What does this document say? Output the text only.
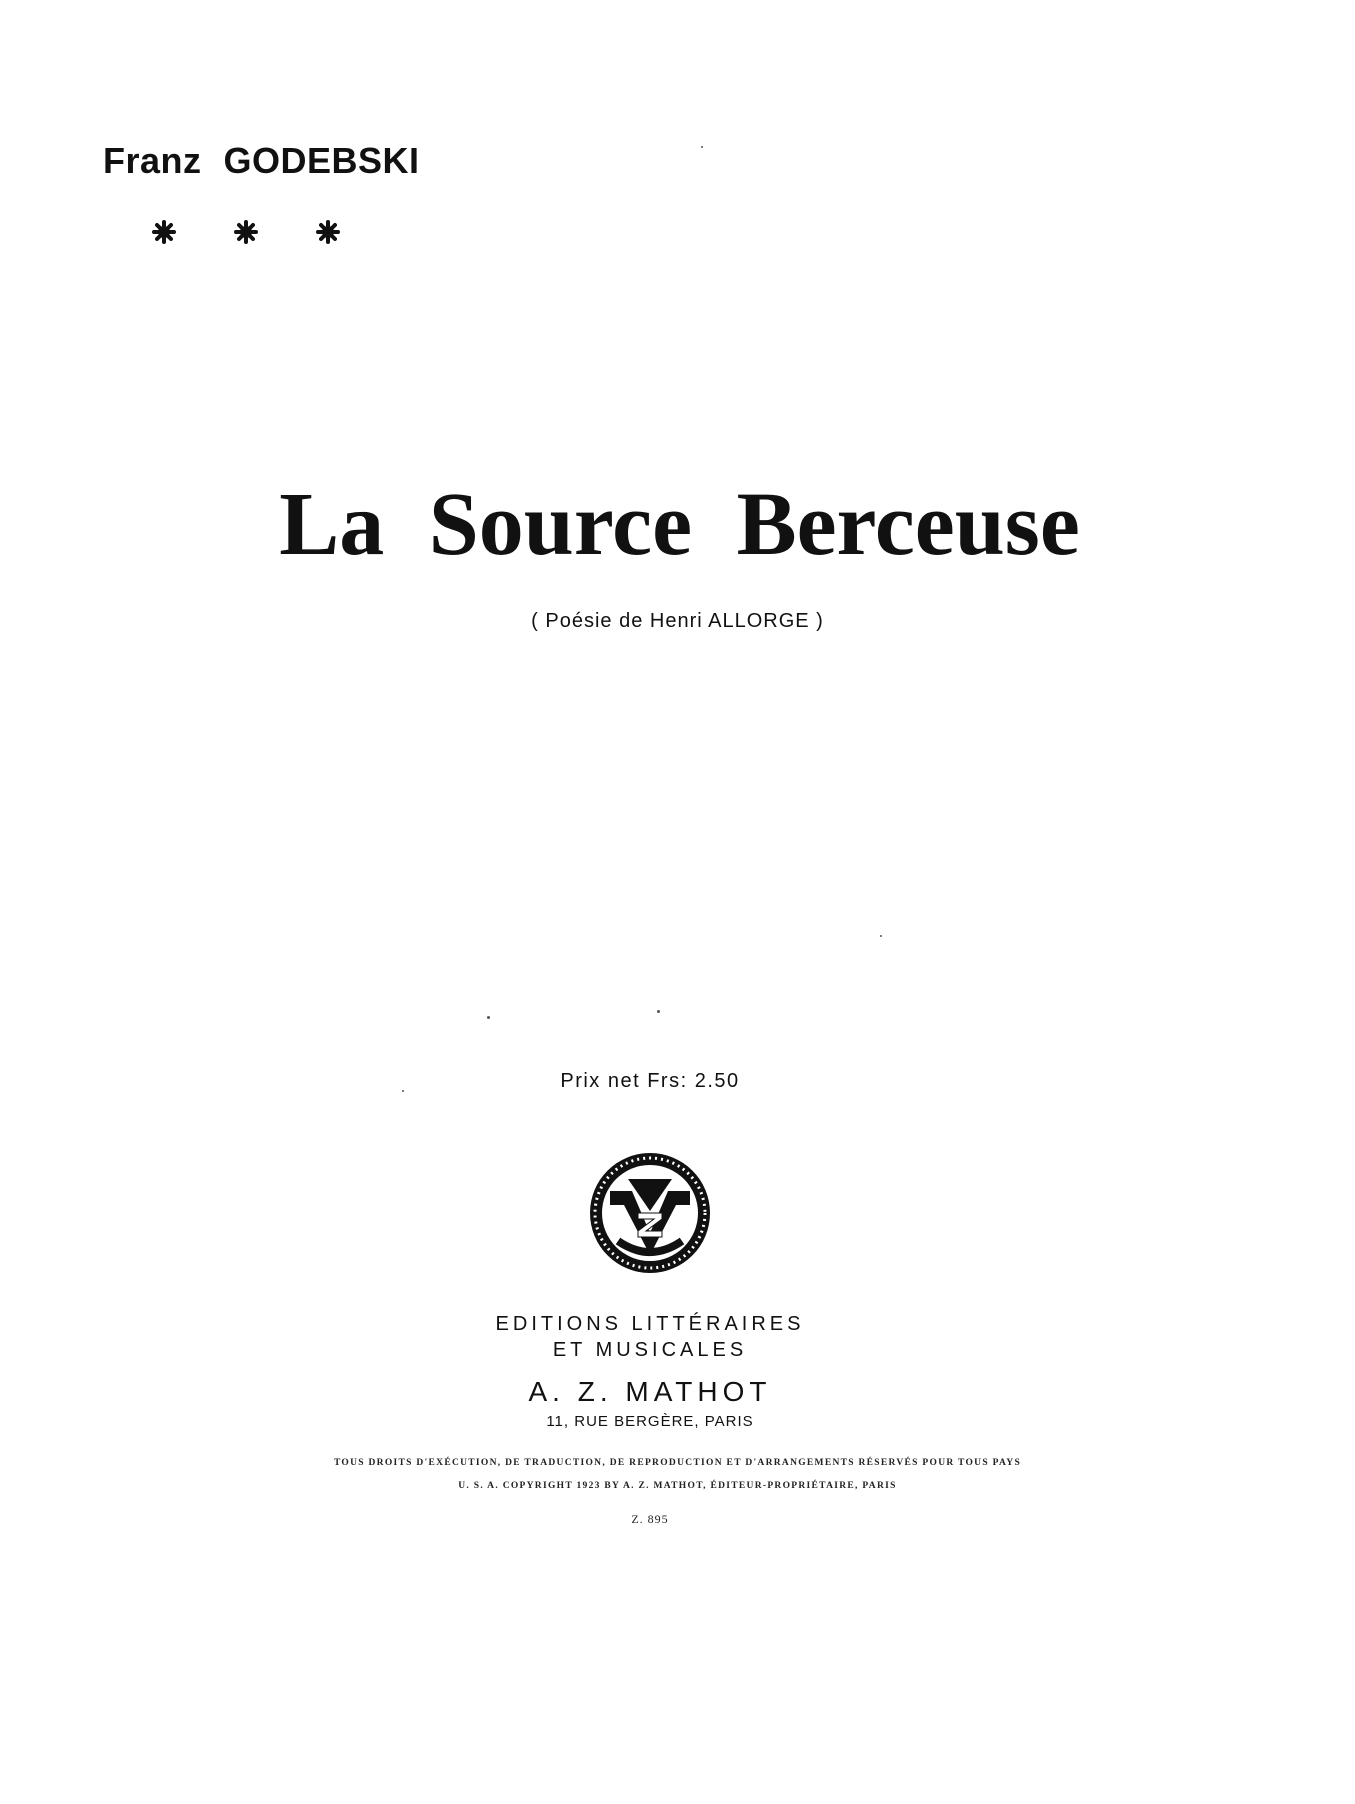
Franz GODEBSKI
La Source Berceuse
( Poésie de Henri ALLORGE )
Prix net Frs: 2.50
EDITIONS LITTÉRAIRES
ET MUSICALES
A. Z. MATHOT
11, RUE BERGÈRE, PARIS
TOUS DROITS D'EXÉCUTION, DE TRADUCTION, DE REPRODUCTION ET D'ARRANGEMENTS RÉSERVÉS POUR TOUS PAYS
U. S. A. COPYRIGHT 1923 BY A. Z. MATHOT, ÉDITEUR-PROPRIÉTAIRE, PARIS
Z. 895
